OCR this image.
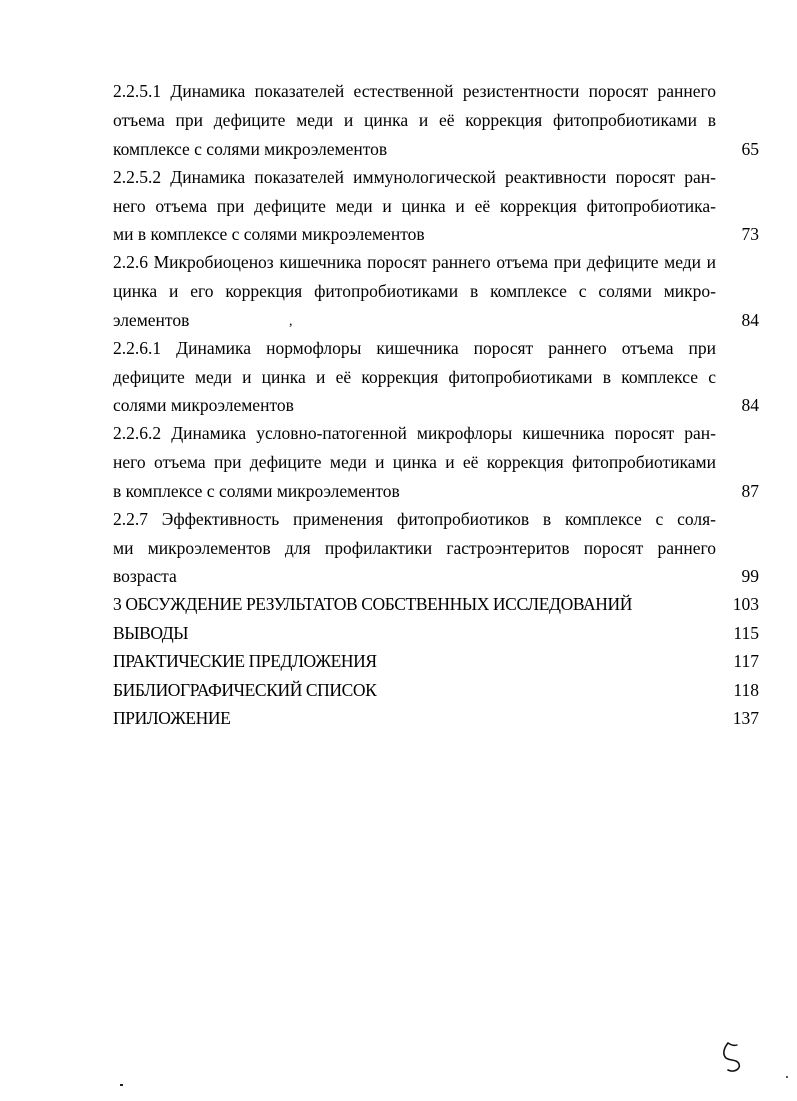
2.2.5.1 Динамика показателей естественной резистентности поросят раннего
отъема при дефиците меди и цинка и её коррекция фитопробиотиками в
комплексе с солями микроэлементов	65
2.2.5.2 Динамика показателей иммунологической реактивности поросят ран-
него отъема при дефиците меди и цинка и её коррекция фитопробиотика-
ми в комплексе с солями микроэлементов	73
2.2.6 Микробиоценоз кишечника поросят раннего отъема при дефиците меди и
цинка и его коррекция фитопробиотиками в комплексе с солями микро-
элементов	84
2.2.6.1 Динамика нормофлоры кишечника поросят раннего отъема при
дефиците меди и цинка и её коррекция фитопробиотиками в комплексе с
солями микроэлементов	84
2.2.6.2 Динамика условно-патогенной микрофлоры кишечника поросят ран-
него отъема при дефиците меди и цинка и её коррекция фитопробиотиками
в комплексе с солями микроэлементов	87
2.2.7 Эффективность применения фитопробиотиков в комплексе с соля-
ми микроэлементов для профилактики гастроэнтеритов поросят раннего
возраста	99
3 ОБСУЖДЕНИЕ РЕЗУЛЬТАТОВ СОБСТВЕННЫХ ИССЛЕДОВАНИЙ	103
ВЫВОДЫ	115
ПРАКТИЧЕСКИЕ ПРЕДЛОЖЕНИЯ	117
БИБЛИОГРАФИЧЕСКИЙ СПИСОК	118
ПРИЛОЖЕНИЕ	137
,
